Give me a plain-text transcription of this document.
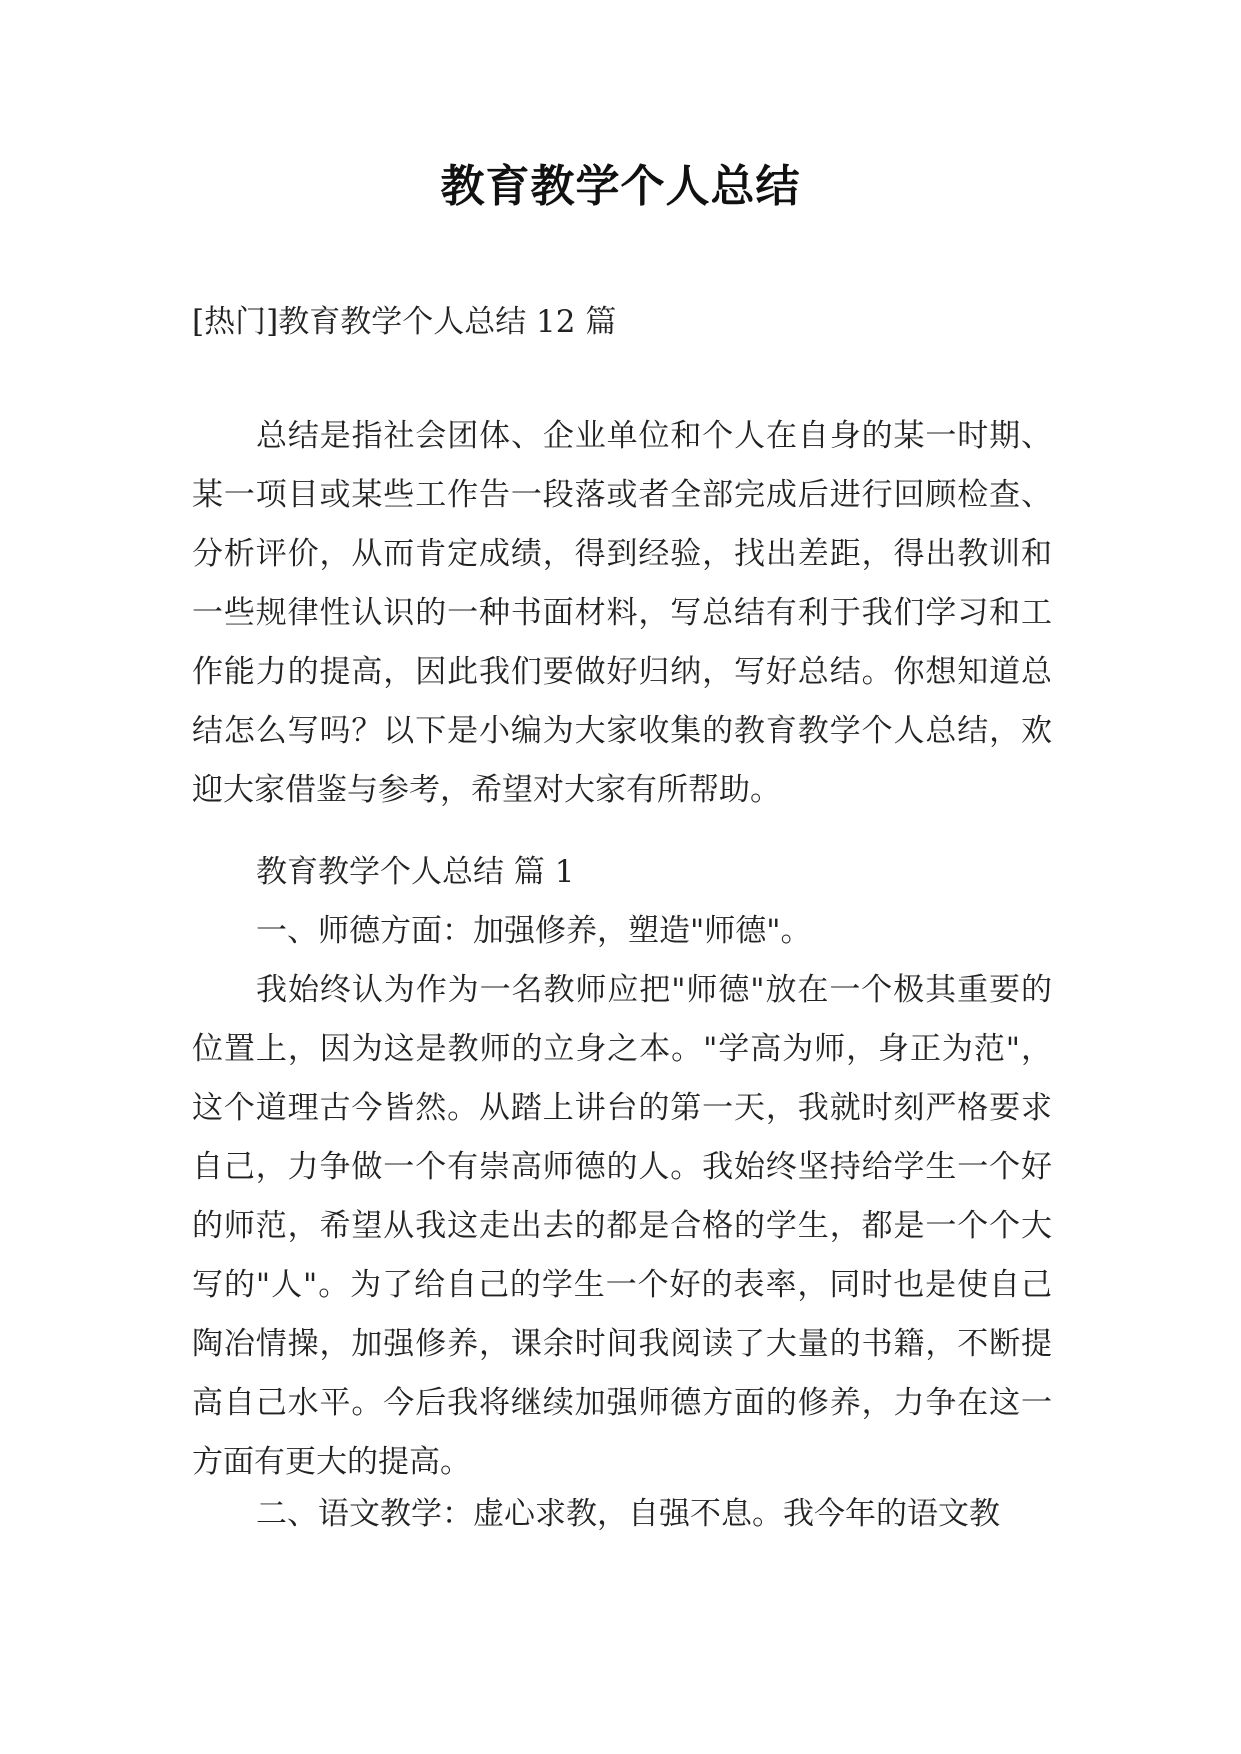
教育教学个人总结

[热门]教育教学个人总结 12 篇

总结是指社会团体、企业单位和个人在自身的某一时期、某一项目或某些工作告一段落或者全部完成后进行回顾检查、分析评价，从而肯定成绩，得到经验，找出差距，得出教训和一些规律性认识的一种书面材料，写总结有利于我们学习和工作能力的提高，因此我们要做好归纳，写好总结。你想知道总结怎么写吗？以下是小编为大家收集的教育教学个人总结，欢迎大家借鉴与参考，希望对大家有所帮助。

教育教学个人总结 篇 1

一、师德方面：加强修养，塑造"师德"。

我始终认为作为一名教师应把"师德"放在一个极其重要的位置上，因为这是教师的立身之本。"学高为师，身正为范"，这个道理古今皆然。从踏上讲台的第一天，我就时刻严格要求自己，力争做一个有崇高师德的人。我始终坚持给学生一个好的师范，希望从我这走出去的都是合格的学生，都是一个个大写的"人"。为了给自己的学生一个好的表率，同时也是使自己陶冶情操，加强修养，课余时间我阅读了大量的书籍，不断提高自己水平。今后我将继续加强师德方面的修养，力争在这一方面有更大的提高。

二、语文教学：虚心求教，自强不息。我今年的语文教
